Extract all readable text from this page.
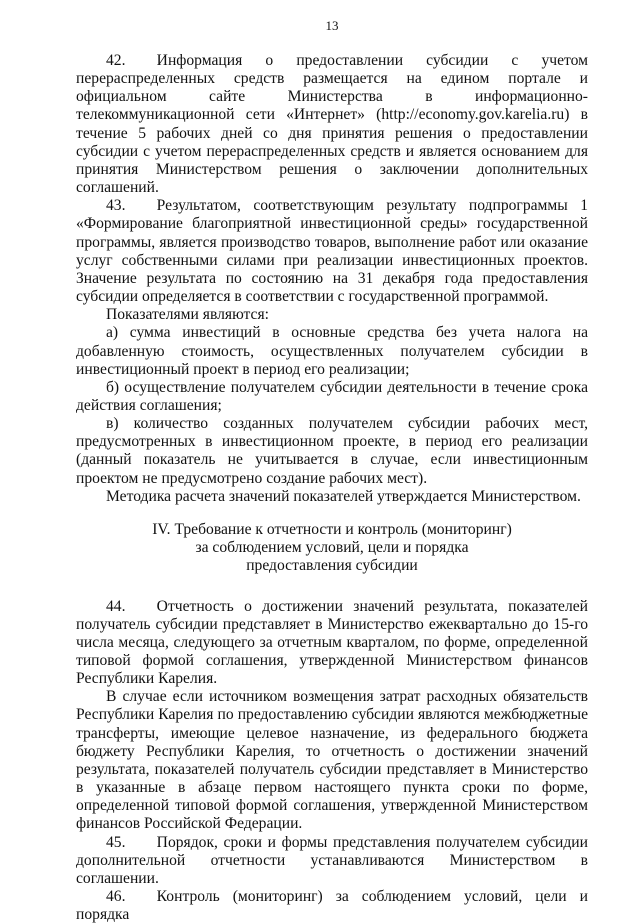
13

42.  Информация о предоставлении субсидии с учетом перераспределенных средств размещается на едином портале и официальном сайте Министерства в информационно-телекоммуникационной сети «Интернет» (http://economy.gov.karelia.ru) в течение 5 рабочих дней со дня принятия решения о предоставлении субсидии с учетом перераспределенных средств и является основанием для принятия Министерством решения о заключении дополнительных соглашений.

43.  Результатом, соответствующим результату подпрограммы 1 «Формирование благоприятной инвестиционной среды» государственной программы, является производство товаров, выполнение работ или оказание услуг собственными силами при реализации инвестиционных проектов. Значение результата по состоянию на 31 декабря года предоставления субсидии определяется в соответствии с государственной программой.

Показателями являются:

а) сумма инвестиций в основные средства без учета налога на добавленную стоимость, осуществленных получателем субсидии в инвестиционный проект в период его реализации;

б) осуществление получателем субсидии деятельности в течение срока действия соглашения;

в) количество созданных получателем субсидии рабочих мест, предусмотренных в инвестиционном проекте, в период его реализации (данный показатель не учитывается в случае, если инвестиционным проектом не предусмотрено создание рабочих мест).

Методика расчета значений показателей утверждается Министерством.

IV. Требование к отчетности и контроль (мониторинг)
за соблюдением условий, цели и порядка
предоставления субсидии

44.  Отчетность о достижении значений результата, показателей получатель субсидии представляет в Министерство ежеквартально до 15-го числа месяца, следующего за отчетным кварталом, по форме, определенной типовой формой соглашения, утвержденной Министерством финансов Республики Карелия.

В случае если источником возмещения затрат расходных обязательств Республики Карелия по предоставлению субсидии являются межбюджетные трансферты, имеющие целевое назначение, из федерального бюджета бюджету Республики Карелия, то отчетность о достижении значений результата, показателей получатель субсидии представляет в Министерство в указанные в абзаце первом настоящего пункта сроки по форме, определенной типовой формой соглашения, утвержденной Министерством финансов Российской Федерации.

45.  Порядок, сроки и формы представления получателем субсидии дополнительной отчетности устанавливаются Министерством в соглашении.

46.  Контроль (мониторинг) за соблюдением условий, цели и порядка
